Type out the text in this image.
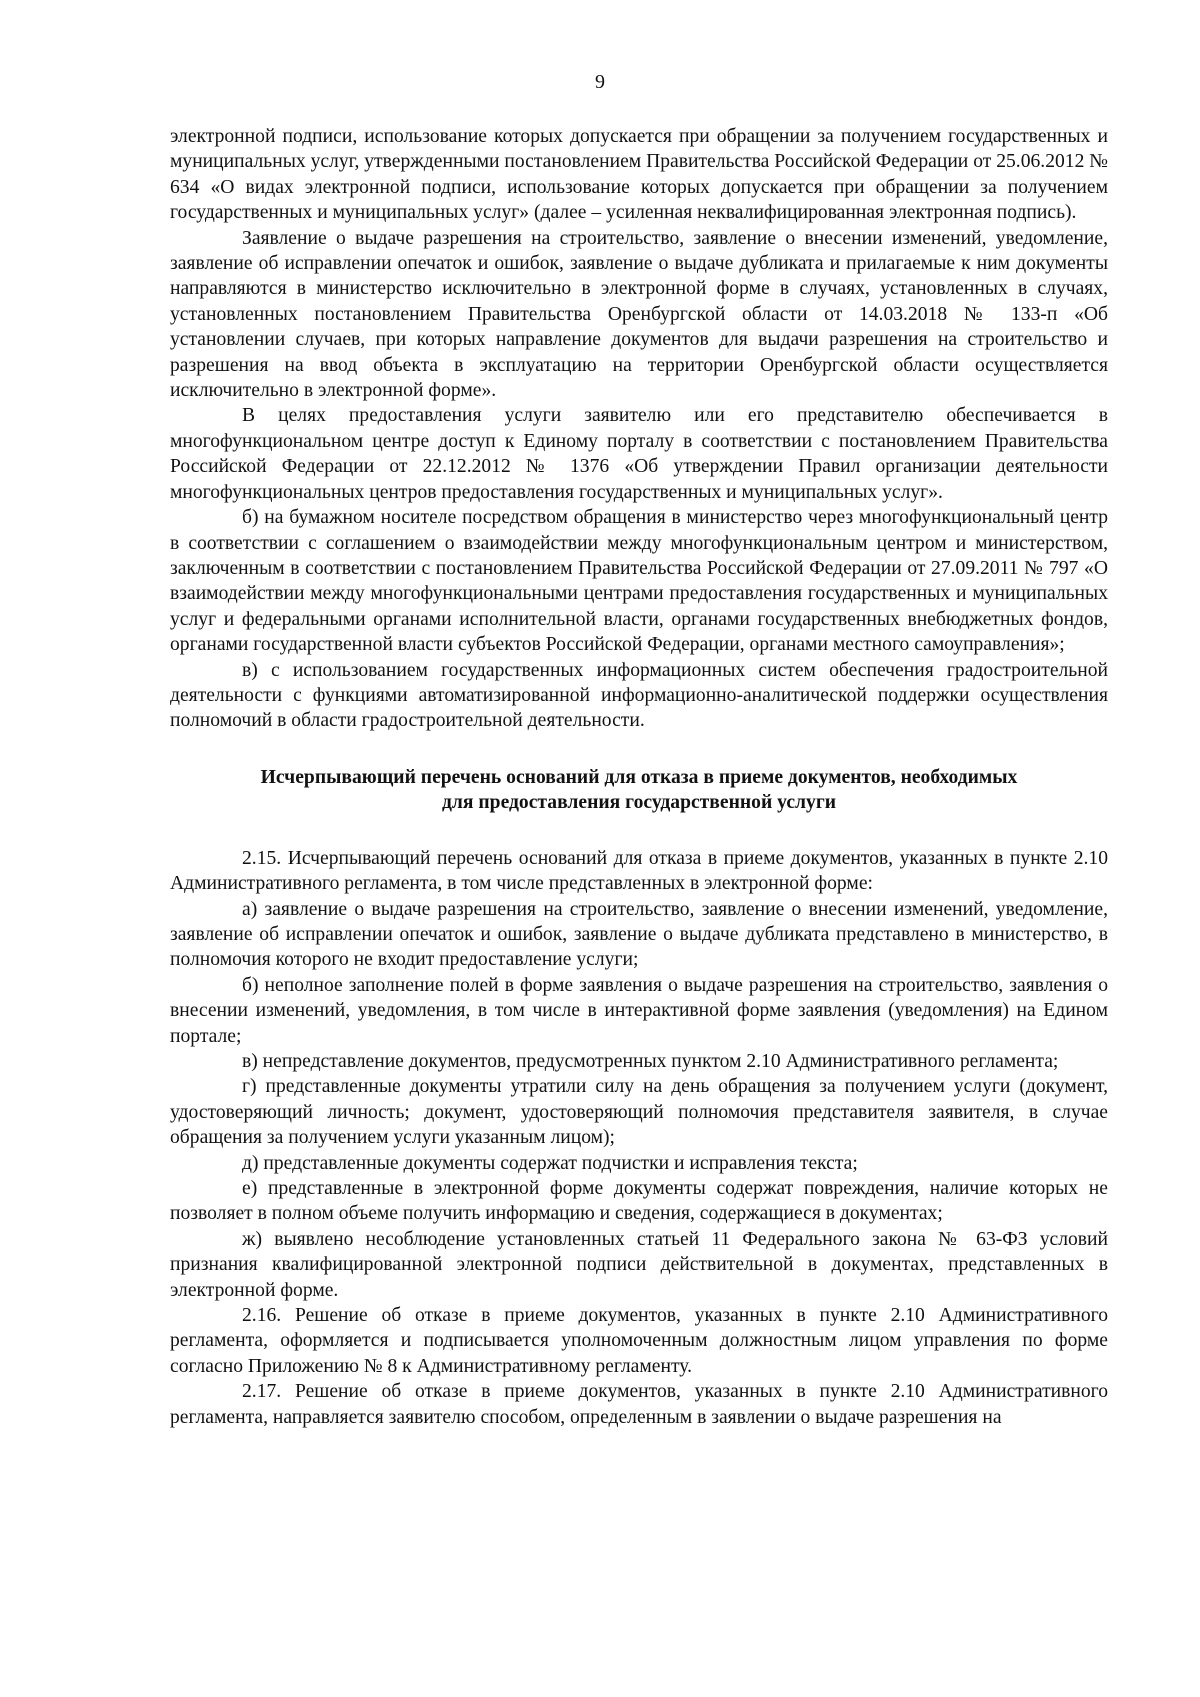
9

электронной подписи, использование которых допускается при обращении за получением государственных и муниципальных услуг, утвержденными постановлением Правительства Российской Федерации от 25.06.2012 № 634 «О видах электронной подписи, использование которых допускается при обращении за получением государственных и муниципальных услуг» (далее – усиленная неквалифицированная электронная подпись).

Заявление о выдаче разрешения на строительство, заявление о внесении изменений, уведомление, заявление об исправлении опечаток и ошибок, заявление о выдаче дубликата и прилагаемые к ним документы направляются в министерство исключительно в электронной форме в случаях, установленных в случаях, установленных постановлением Правительства Оренбургской области от 14.03.2018 № 133-п «Об установлении случаев, при которых направление документов для выдачи разрешения на строительство и разрешения на ввод объекта в эксплуатацию на территории Оренбургской области осуществляется исключительно в электронной форме».

В целях предоставления услуги заявителю или его представителю обеспечивается в многофункциональном центре доступ к Единому порталу в соответствии с постановлением Правительства Российской Федерации от 22.12.2012 № 1376 «Об утверждении Правил организации деятельности многофункциональных центров предоставления государственных и муниципальных услуг».

б) на бумажном носителе посредством обращения в министерство через многофункциональный центр в соответствии с соглашением о взаимодействии между многофункциональным центром и министерством, заключенным в соответствии с постановлением Правительства Российской Федерации от 27.09.2011 № 797 «О взаимодействии между многофункциональными центрами предоставления государственных и муниципальных услуг и федеральными органами исполнительной власти, органами государственных внебюджетных фондов, органами государственной власти субъектов Российской Федерации, органами местного самоуправления»;

в) с использованием государственных информационных систем обеспечения градостроительной деятельности с функциями автоматизированной информационно-аналитической поддержки осуществления полномочий в области градостроительной деятельности.

Исчерпывающий перечень оснований для отказа в приеме документов, необходимых
для предоставления государственной услуги

2.15. Исчерпывающий перечень оснований для отказа в приеме документов, указанных в пункте 2.10 Административного регламента, в том числе представленных в электронной форме:

а) заявление о выдаче разрешения на строительство, заявление о внесении изменений, уведомление, заявление об исправлении опечаток и ошибок, заявление о выдаче дубликата представлено в министерство, в полномочия которого не входит предоставление услуги;

б) неполное заполнение полей в форме заявления о выдаче разрешения на строительство, заявления о внесении изменений, уведомления, в том числе в интерактивной форме заявления (уведомления) на Едином портале;

в) непредставление документов, предусмотренных пунктом 2.10 Административного регламента;

г) представленные документы утратили силу на день обращения за получением услуги (документ, удостоверяющий личность; документ, удостоверяющий полномочия представителя заявителя, в случае обращения за получением услуги указанным лицом);

д) представленные документы содержат подчистки и исправления текста;

е) представленные в электронной форме документы содержат повреждения, наличие которых не позволяет в полном объеме получить информацию и сведения, содержащиеся в документах;

ж) выявлено несоблюдение установленных статьей 11 Федерального закона № 63-ФЗ условий признания квалифицированной электронной подписи действительной в документах, представленных в электронной форме.

2.16. Решение об отказе в приеме документов, указанных в пункте 2.10 Административного регламента, оформляется и подписывается уполномоченным должностным лицом управления по форме согласно Приложению № 8 к Административному регламенту.

2.17. Решение об отказе в приеме документов, указанных в пункте 2.10 Административного регламента, направляется заявителю способом, определенным в заявлении о выдаче разрешения на
